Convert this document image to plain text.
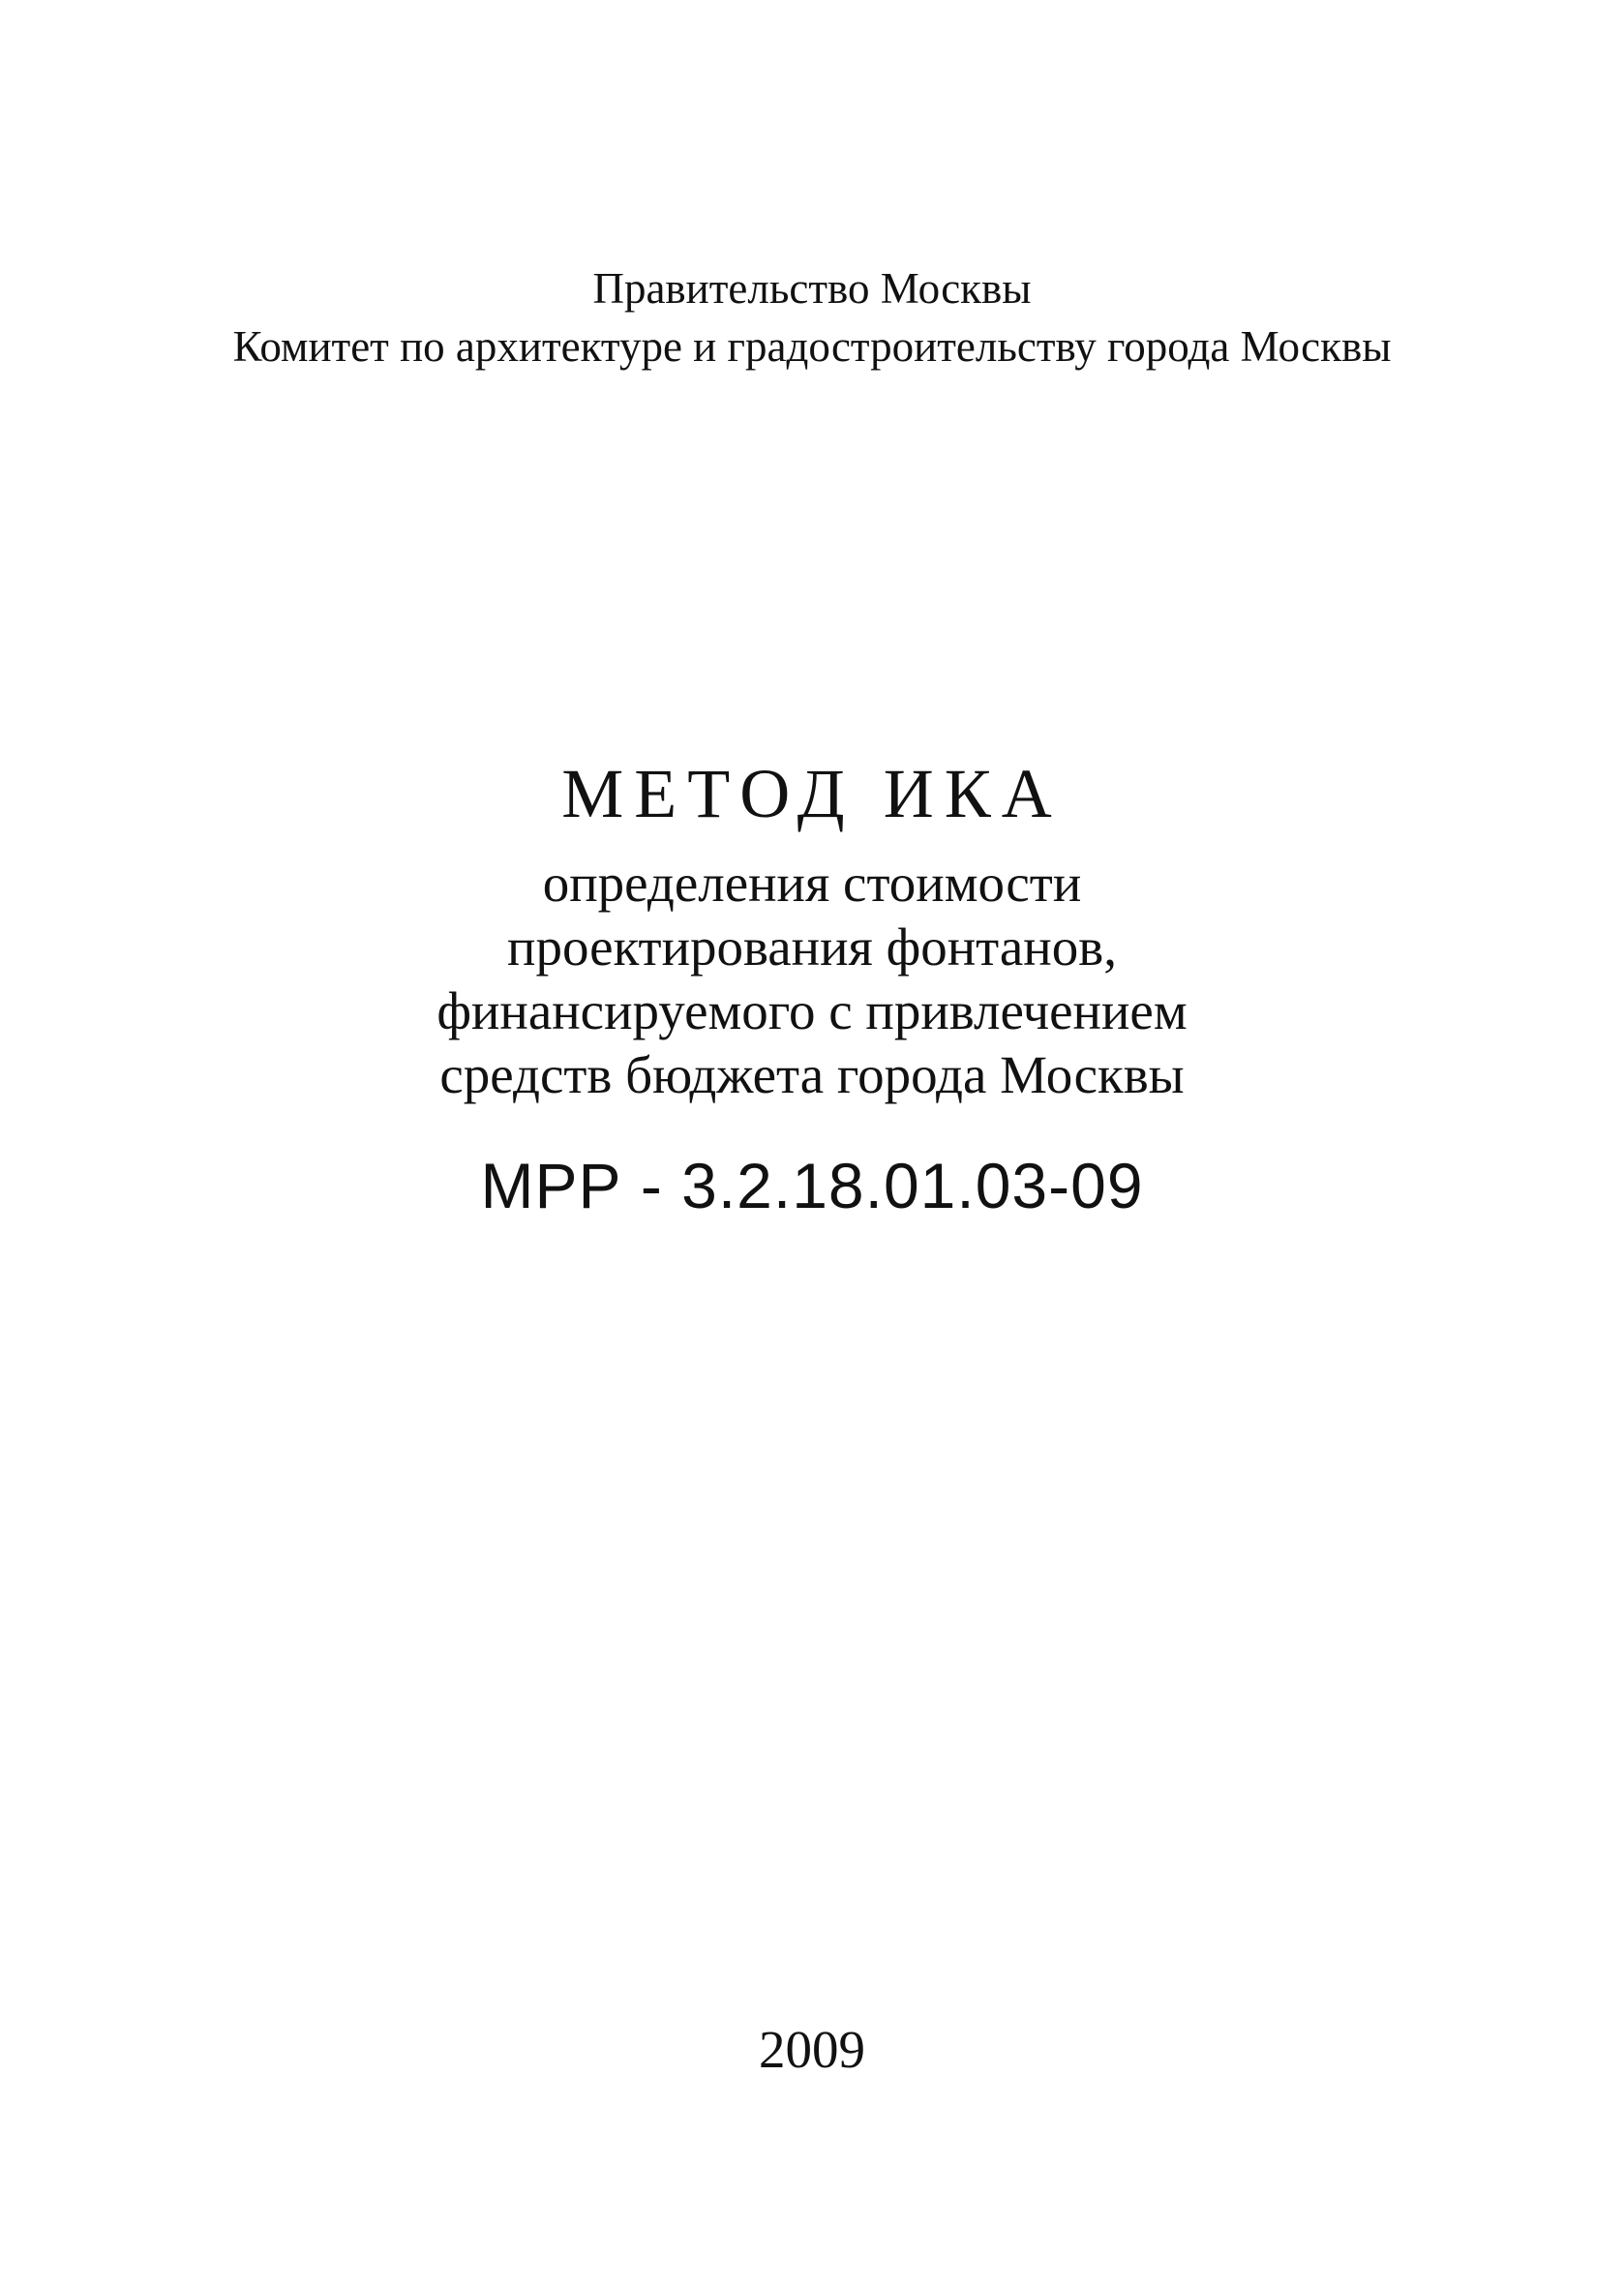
Правительство Москвы
Комитет по архитектуре и градостроительству города Москвы
МЕТОД ИКА
определения стоимости
проектирования фонтанов,
финансируемого с привлечением
средств бюджета города Москвы
МРР - 3.2.18.01.03-09
2009
